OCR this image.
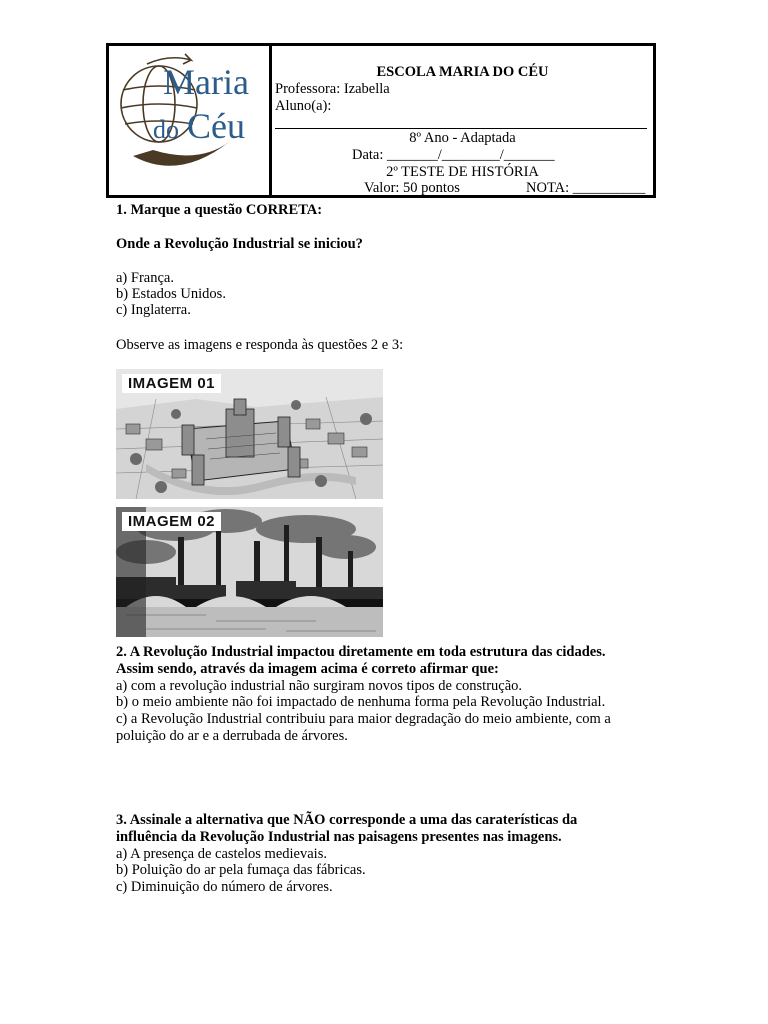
Maria
do Céu
ESCOLA MARIA DO CÉU
Professora: Izabella
Aluno(a):
8º Ano - Adaptada
Data: _______/________/_______
2º TESTE DE HISTÓRIA
Valor: 50 pontos	NOTA: __________
1. Marque a questão CORRETA:
Onde a Revolução Industrial se iniciou?
a) França.
b) Estados Unidos.
c) Inglaterra.
Observe as imagens e responda às questões 2 e 3:
IMAGEM 01
IMAGEM 02
2. A Revolução Industrial impactou diretamente em toda estrutura das cidades.
Assim sendo, através da imagem acima é correto afirmar que:
a) com a revolução industrial não surgiram novos tipos de construção.
b) o meio ambiente não foi impactado de nenhuma forma pela Revolução Industrial.
c) a Revolução Industrial contribuiu para maior degradação do meio ambiente, com a
poluição do ar e a derrubada de árvores.
3. Assinale a alternativa que NÃO corresponde a uma das caraterísticas da
influência da Revolução Industrial nas paisagens presentes nas imagens.
a) A presença de castelos medievais.
b) Poluição do ar pela fumaça das fábricas.
c) Diminuição do número de árvores.
